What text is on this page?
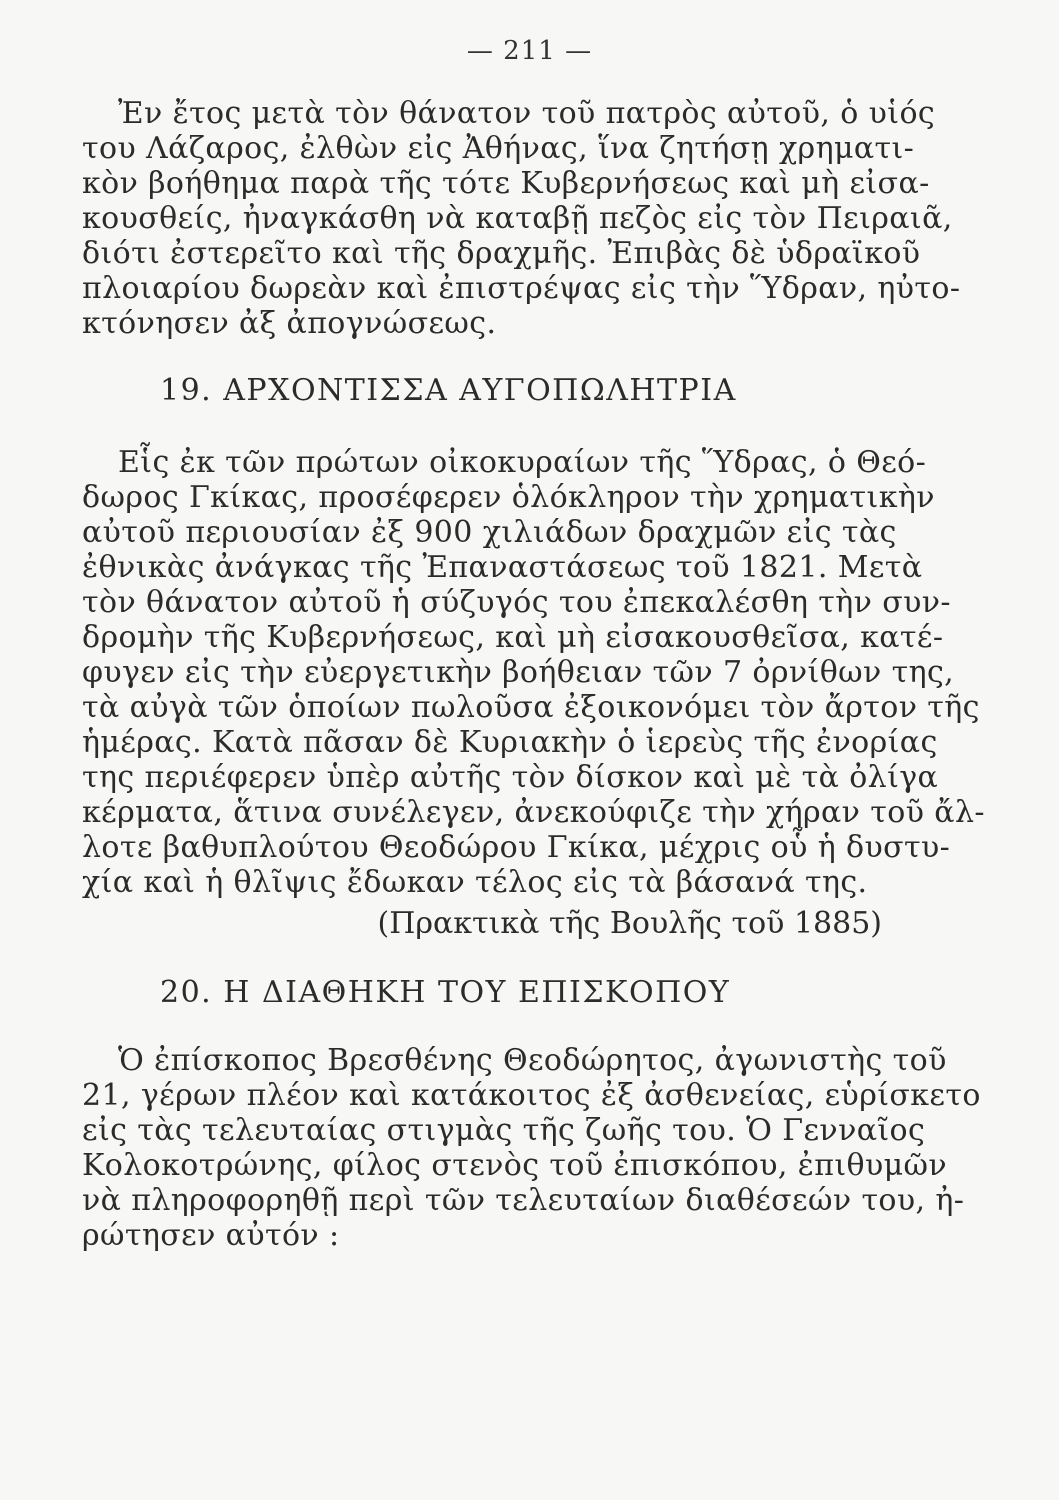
— 211 —
Ἐν ἔτος μετὰ τὸν θάνατον τοῦ πατρὸς αὐτοῦ, ὁ υἱός
του Λάζαρος, ἐλθὼν εἰς Ἀθήνας, ἵνα ζητήσῃ χρηματι-
κὸν βοήθημα παρὰ τῆς τότε Κυβερνήσεως καὶ μὴ εἰσα-
κουσθείς, ἠναγκάσθη νὰ καταβῇ πεζὸς εἰς τὸν Πειραιᾶ,
διότι ἐστερεῖτο καὶ τῆς δραχμῆς. Ἐπιβὰς δὲ ὑδραϊκοῦ
πλοιαρίου δωρεὰν καὶ ἐπιστρέψας εἰς τὴν Ὕδραν, ηὐτο-
κτόνησεν ἀξ ἀπογνώσεως.
19. ΑΡΧΟΝΤΙΣΣΑ ΑΥΓΟΠΩΛΗΤΡΙΑ
Εἷς ἐκ τῶν πρώτων οἰκοκυραίων τῆς Ὕδρας, ὁ Θεό-
δωρος Γκίκας, προσέφερεν ὁλόκληρον τὴν χρηματικὴν
αὐτοῦ περιουσίαν ἐξ 900 χιλιάδων δραχμῶν εἰς τὰς
ἐθνικὰς ἀνάγκας τῆς Ἐπαναστάσεως τοῦ 1821. Μετὰ
τὸν θάνατον αὐτοῦ ἡ σύζυγός του ἐπεκαλέσθη τὴν συν-
δρομὴν τῆς Κυβερνήσεως, καὶ μὴ εἰσακουσθεῖσα, κατέ-
φυγεν εἰς τὴν εὐεργετικὴν βοήθειαν τῶν 7 ὀρνίθων της,
τὰ αὐγὰ τῶν ὁποίων πωλοῦσα ἐξοικονόμει τὸν ἄρτον τῆς
ἡμέρας. Κατὰ πᾶσαν δὲ Κυριακὴν ὁ ἱερεὺς τῆς ἐνορίας
της περιέφερεν ὑπὲρ αὐτῆς τὸν δίσκον καὶ μὲ τὰ ὀλίγα
κέρματα, ἅτινα συνέλεγεν, ἀνεκούφιζε τὴν χήραν τοῦ ἄλ-
λοτε βαθυπλούτου Θεοδώρου Γκίκα, μέχρις οὗ ἡ δυστυ-
χία καὶ ἡ θλῖψις ἔδωκαν τέλος εἰς τὰ βάσανά της.
(Πρακτικὰ τῆς Βουλῆς τοῦ 1885)
20. Η ΔΙΑΘΗΚΗ ΤΟΥ ΕΠΙΣΚΟΠΟΥ
Ὁ ἐπίσκοπος Βρεσθένης Θεοδώρητος, ἀγωνιστὴς τοῦ
21, γέρων πλέον καὶ κατάκοιτος ἐξ ἀσθενείας, εὑρίσκετο
εἰς τὰς τελευταίας στιγμὰς τῆς ζωῆς του. Ὁ Γενναῖος
Κολοκοτρώνης, φίλος στενὸς τοῦ ἐπισκόπου, ἐπιθυμῶν
νὰ πληροφορηθῇ περὶ τῶν τελευταίων διαθέσεών του, ἠ-
ρώτησεν αὐτόν :
